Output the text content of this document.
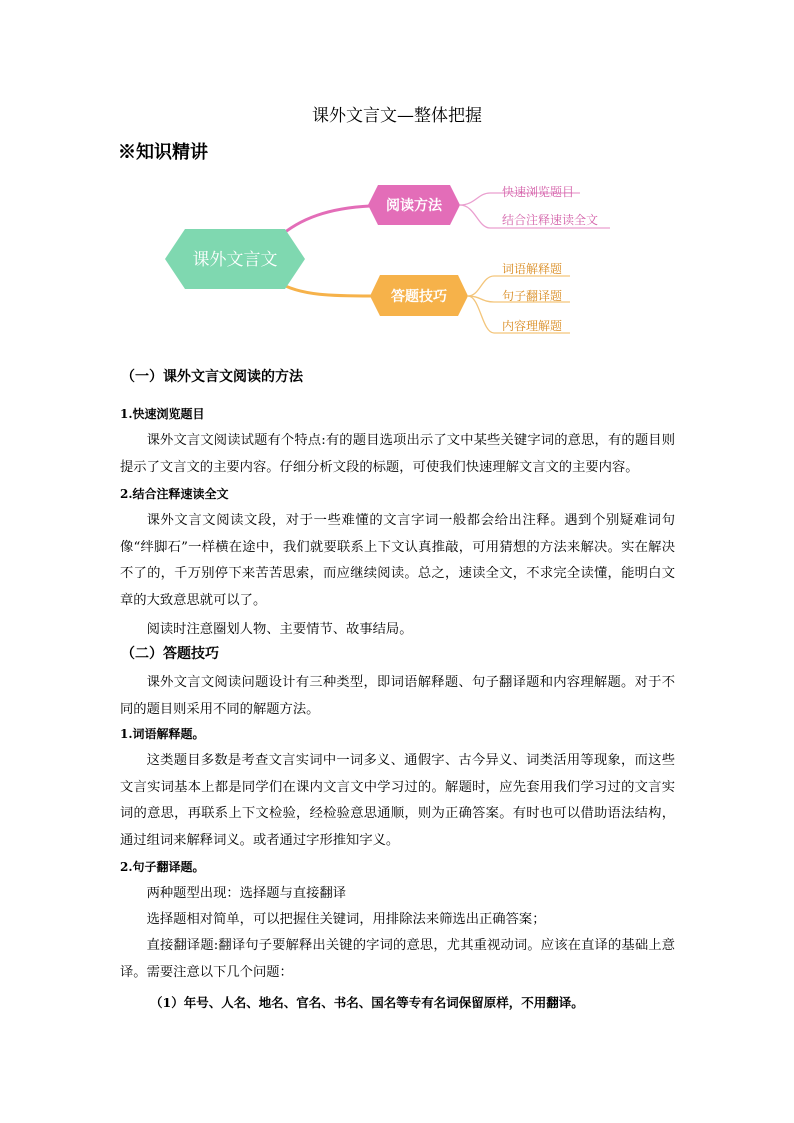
课外文言文—整体把握
※知识精讲
课外文言文
阅读方法
快速浏览题目
结合注释速读全文
答题技巧
词语解释题
句子翻译题
内容理解题
（一）课外文言文阅读的方法
1.快速浏览题目

课外文言文阅读试题有个特点:有的题目选项出示了文中某些关键字词的意思，有的题目则提示了文言文的主要内容。仔细分析文段的标题，可使我们快速理解文言文的主要内容。

2.结合注释速读全文

课外文言文阅读文段，对于一些难懂的文言字词一般都会给出注释。遇到个别疑难词句像“绊脚石”一样横在途中，我们就要联系上下文认真推敲，可用猜想的方法来解决。实在解决不了的，千万别停下来苦苦思索，而应继续阅读。总之，速读全文，不求完全读懂，能明白文章的大致意思就可以了。

阅读时注意圈划人物、主要情节、故事结局。

（二）答题技巧

课外文言文阅读问题设计有三种类型，即词语解释题、句子翻译题和内容理解题。对于不同的题目则采用不同的解题方法。

1.词语解释题。

这类题目多数是考查文言实词中一词多义、通假字、古今异义、词类活用等现象，而这些文言实词基本上都是同学们在课内文言文中学习过的。解题时，应先套用我们学习过的文言实词的意思，再联系上下文检验，经检验意思通顺，则为正确答案。有时也可以借助语法结构，通过组词来解释词义。或者通过字形推知字义。

2.句子翻译题。

两种题型出现：选择题与直接翻译

选择题相对简单，可以把握住关键词，用排除法来筛选出正确答案；

直接翻译题:翻译句子要解释出关键的字词的意思，尤其重视动词。应该在直译的基础上意译。需要注意以下几个问题：

（1）年号、人名、地名、官名、书名、国名等专有名词保留原样，不用翻译。
